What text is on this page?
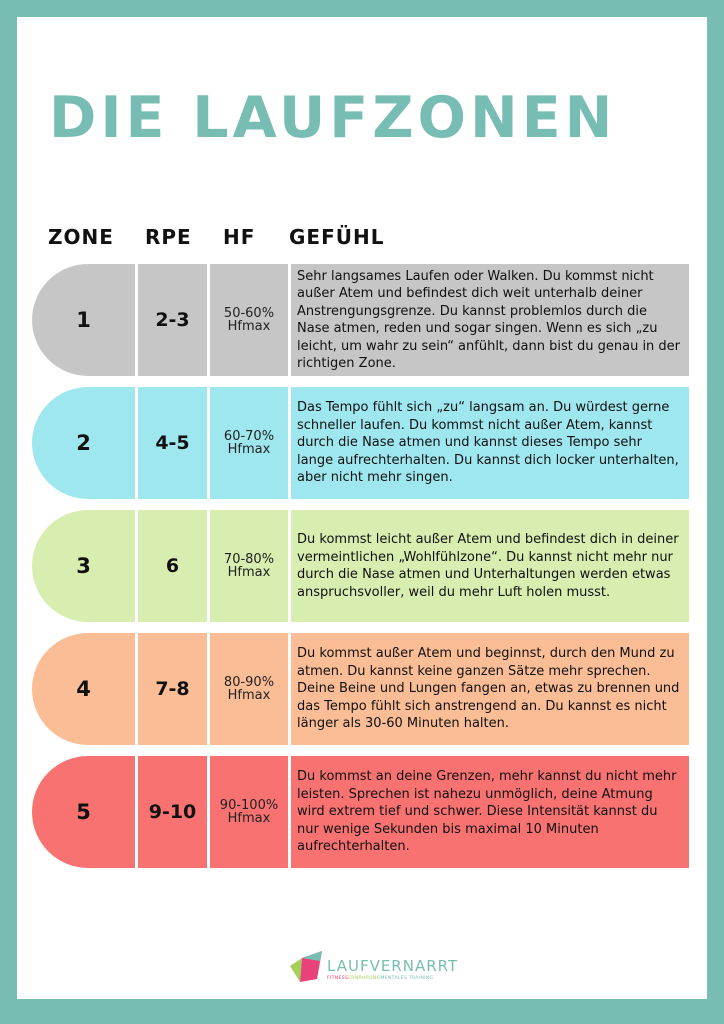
DIE LAUFZONEN
ZONE RPE HF GEFÜHL
1	2-3	50-60%
Hfmax
Sehr langsames Laufen oder Walken. Du kommst nicht außer Atem und befindest dich weit unterhalb deiner Anstrengungsgrenze. Du kannst problemlos durch die Nase atmen, reden und sogar singen. Wenn es sich „zu leicht, um wahr zu sein“ anfühlt, dann bist du genau in der richtigen Zone.
2	4-5	60-70%
Hfmax
Das Tempo fühlt sich „zu“ langsam an. Du würdest gerne schneller laufen. Du kommst nicht außer Atem, kannst durch die Nase atmen und kannst dieses Tempo sehr lange aufrechterhalten. Du kannst dich locker unterhalten, aber nicht mehr singen.
3	6	70-80%
Hfmax
Du kommst leicht außer Atem und befindest dich in deiner vermeintlichen „Wohlfühlzone“. Du kannst nicht mehr nur durch die Nase atmen und Unterhaltungen werden etwas anspruchsvoller, weil du mehr Luft holen musst.
4	7-8	80-90%
Hfmax
Du kommst außer Atem und beginnst, durch den Mund zu atmen. Du kannst keine ganzen Sätze mehr sprechen. Deine Beine und Lungen fangen an, etwas zu brennen und das Tempo fühlt sich anstrengend an. Du kannst es nicht länger als 30-60 Minuten halten.
5	9-10	90-100%
Hfmax
Du kommst an deine Grenzen, mehr kannst du nicht mehr leisten. Sprechen ist nahezu unmöglich, deine Atmung wird extrem tief und schwer. Diese Intensität kannst du nur wenige Sekunden bis maximal 10 Minuten aufrechterhalten.
LAUFVERNARRT
FITNESSERNÄHRUNGMENTALES TRAINING
